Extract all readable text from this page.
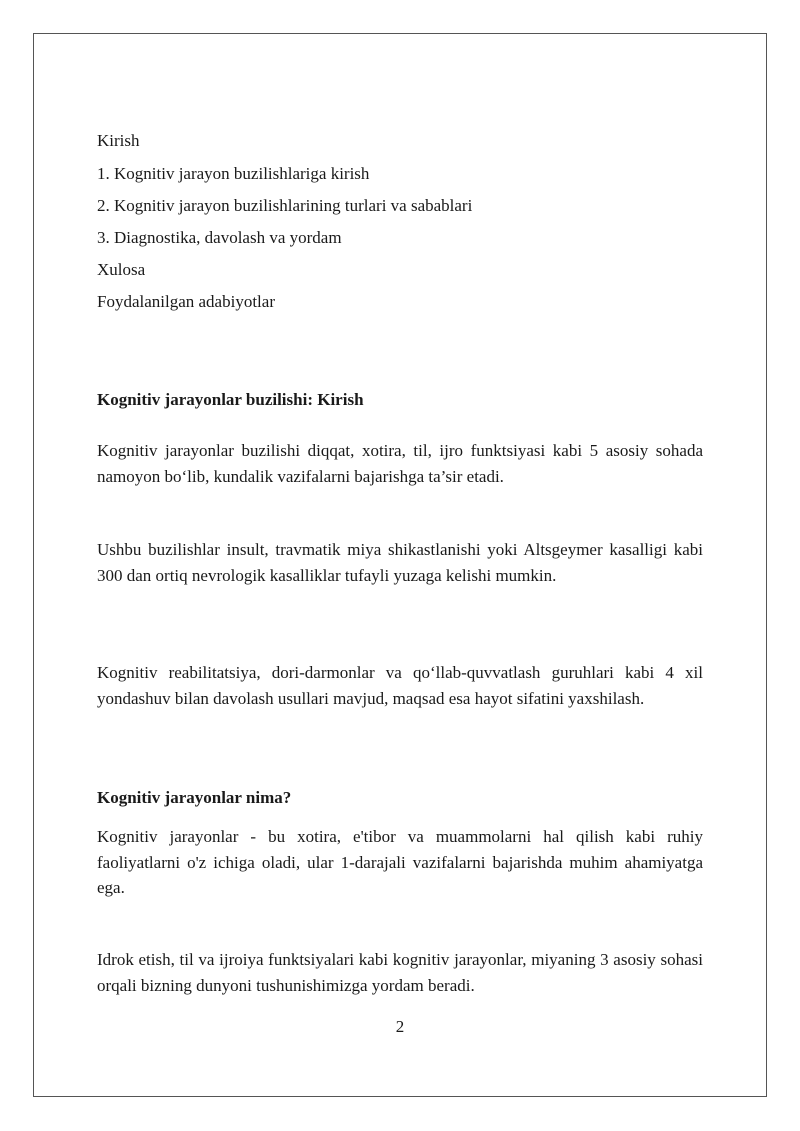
Kirish
1. Kognitiv jarayon buzilishlariga kirish
2. Kognitiv jarayon buzilishlarining turlari va sabablari
3. Diagnostika, davolash va yordam
Xulosa
Foydalanilgan adabiyotlar
Kognitiv jarayonlar buzilishi: Kirish
Kognitiv jarayonlar buzilishi diqqat, xotira, til, ijro funktsiyasi kabi 5 asosiy sohada namoyon bo‘lib, kundalik vazifalarni bajarishga ta’sir etadi.
Ushbu buzilishlar insult, travmatik miya shikastlanishi yoki Altsgeymer kasalligi kabi 300 dan ortiq nevrologik kasalliklar tufayli yuzaga kelishi mumkin.
Kognitiv reabilitatsiya, dori-darmonlar va qo‘llab-quvvatlash guruhlari kabi 4 xil yondashuv bilan davolash usullari mavjud, maqsad esa hayot sifatini yaxshilash.
Kognitiv jarayonlar nima?
Kognitiv jarayonlar - bu xotira, e'tibor va muammolarni hal qilish kabi ruhiy faoliyatlarni o'z ichiga oladi, ular 1-darajali vazifalarni bajarishda muhim ahamiyatga ega.
Idrok etish, til va ijroiya funktsiyalari kabi kognitiv jarayonlar, miyaning 3 asosiy sohasi orqali bizning dunyoni tushunishimizga yordam beradi.
2
